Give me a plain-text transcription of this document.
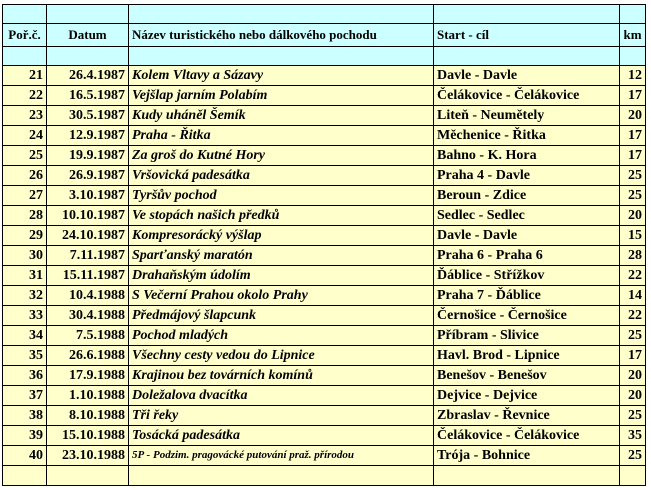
Poř.č.	Datum	Název turistického nebo dálkového pochodu	Start - cíl	km

21	26.4.1987	Kolem Vltavy a Sázavy	Davle - Davle	12
22	16.5.1987	Vejšlap jarním Polabím	Čelákovice - Čelákovice	17
23	30.5.1987	Kudy uháněl Šemík	Liteň - Neumětely	20
24	12.9.1987	Praha - Řitka	Měchenice - Řitka	17
25	19.9.1987	Za groš do Kutné Hory	Bahno - K. Hora	17
26	26.9.1987	Vršovická padesátka	Praha 4 - Davle	25
27	3.10.1987	Tyršův pochod	Beroun - Zdice	25
28	10.10.1987	Ve stopách našich předků	Sedlec - Sedlec	20
29	24.10.1987	Kompresorácký výšlap	Davle - Davle	15
30	7.11.1987	Sparťanský maratón	Praha 6 - Praha 6	28
31	15.11.1987	Drahaňským údolím	Ďáblice - Střížkov	22
32	10.4.1988	S Večerní Prahou okolo Prahy	Praha 7 - Ďáblice	14
33	30.4.1988	Předmájový šlapcunk	Černošice - Černošice	22
34	7.5.1988	Pochod mladých	Příbram - Slivice	25
35	26.6.1988	Všechny cesty vedou do Lipnice	Havl. Brod - Lipnice	17
36	17.9.1988	Krajinou bez továrních komínů	Benešov - Benešov	20
37	1.10.1988	Doležalova dvacítka	Dejvice - Dejvice	20
38	8.10.1988	Tři řeky	Zbraslav - Řevnice	25
39	15.10.1988	Tosácká padesátka	Čelákovice - Čelákovice	35
40	23.10.1988	5P - Podzim. pragovácké putování praž. přírodou	Trója - Bohnice	25
